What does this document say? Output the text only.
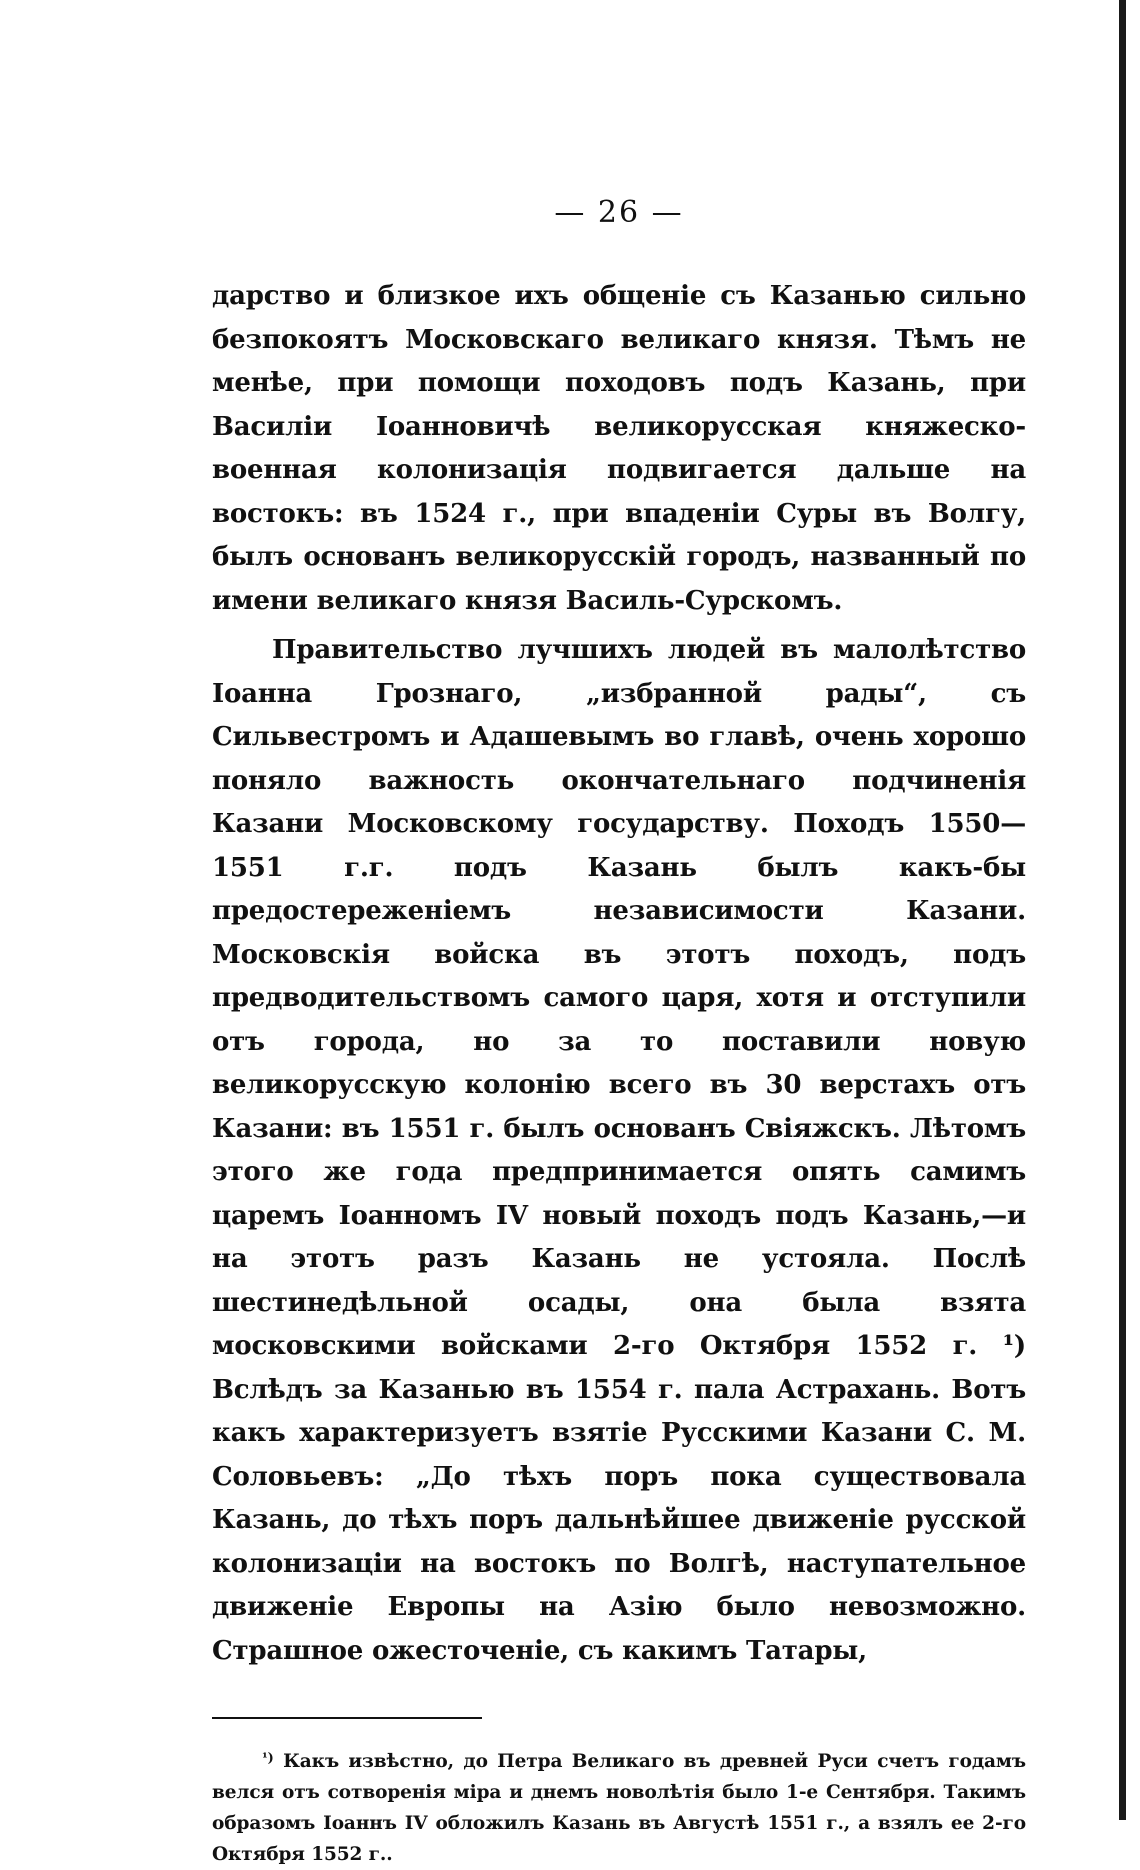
— 26 —

дарство и близкое ихъ общеніе съ Казанью сильно безпокоятъ Московскаго великаго князя. Тѣмъ не менѣе, при помощи походовъ подъ Казань, при Василіи Іоанновичѣ великорусская княжеско-военная колонизація подвигается дальше на востокъ: въ 1524 г., при впаденіи Суры въ Волгу, былъ основанъ великорусскій городъ, названный по имени великаго князя Василь-Сурскомъ.

Правительство лучшихъ людей въ малолѣтство Іоанна Грознаго, „избранной рады“, съ Сильвестромъ и Адашевымъ во главѣ, очень хорошо поняло важность окончательнаго подчиненія Казани Московскому государству. Походъ 1550—1551 г.г. подъ Казань былъ какъ-бы предостереженіемъ независимости Казани. Московскія войска въ этотъ походъ, подъ предводительствомъ самого царя, хотя и отступили отъ города, но за то поставили новую великорусскую колонію всего въ 30 верстахъ отъ Казани: въ 1551 г. былъ основанъ Свіяжскъ. Лѣтомъ этого же года предпринимается опять самимъ царемъ Іоанномъ IV новый походъ подъ Казань,—и на этотъ разъ Казань не устояла. Послѣ шестинедѣльной осады, она была взята московскими войсками 2-го Октября 1552 г. ¹) Вслѣдъ за Казанью въ 1554 г. пала Астрахань. Вотъ какъ характеризуетъ взятіе Русскими Казани С. М. Соловьевъ: „До тѣхъ поръ пока существовала Казань, до тѣхъ поръ дальнѣйшее движеніе русской колонизаціи на востокъ по Волгѣ, наступательное движеніе Европы на Азію было невозможно. Страшное ожесточеніе, съ какимъ Татары,

$^{^1)}$ Какъ извѣстно, до Петра Великаго въ древней Руси счетъ годамъ велся отъ сотворенія міра и днемъ новолѣтія было 1-е Сентября. Такимъ образомъ Іоаннъ IV обложилъ Казань въ Августѣ 1551 г., а взялъ ее 2-го Октября 1552 г..
